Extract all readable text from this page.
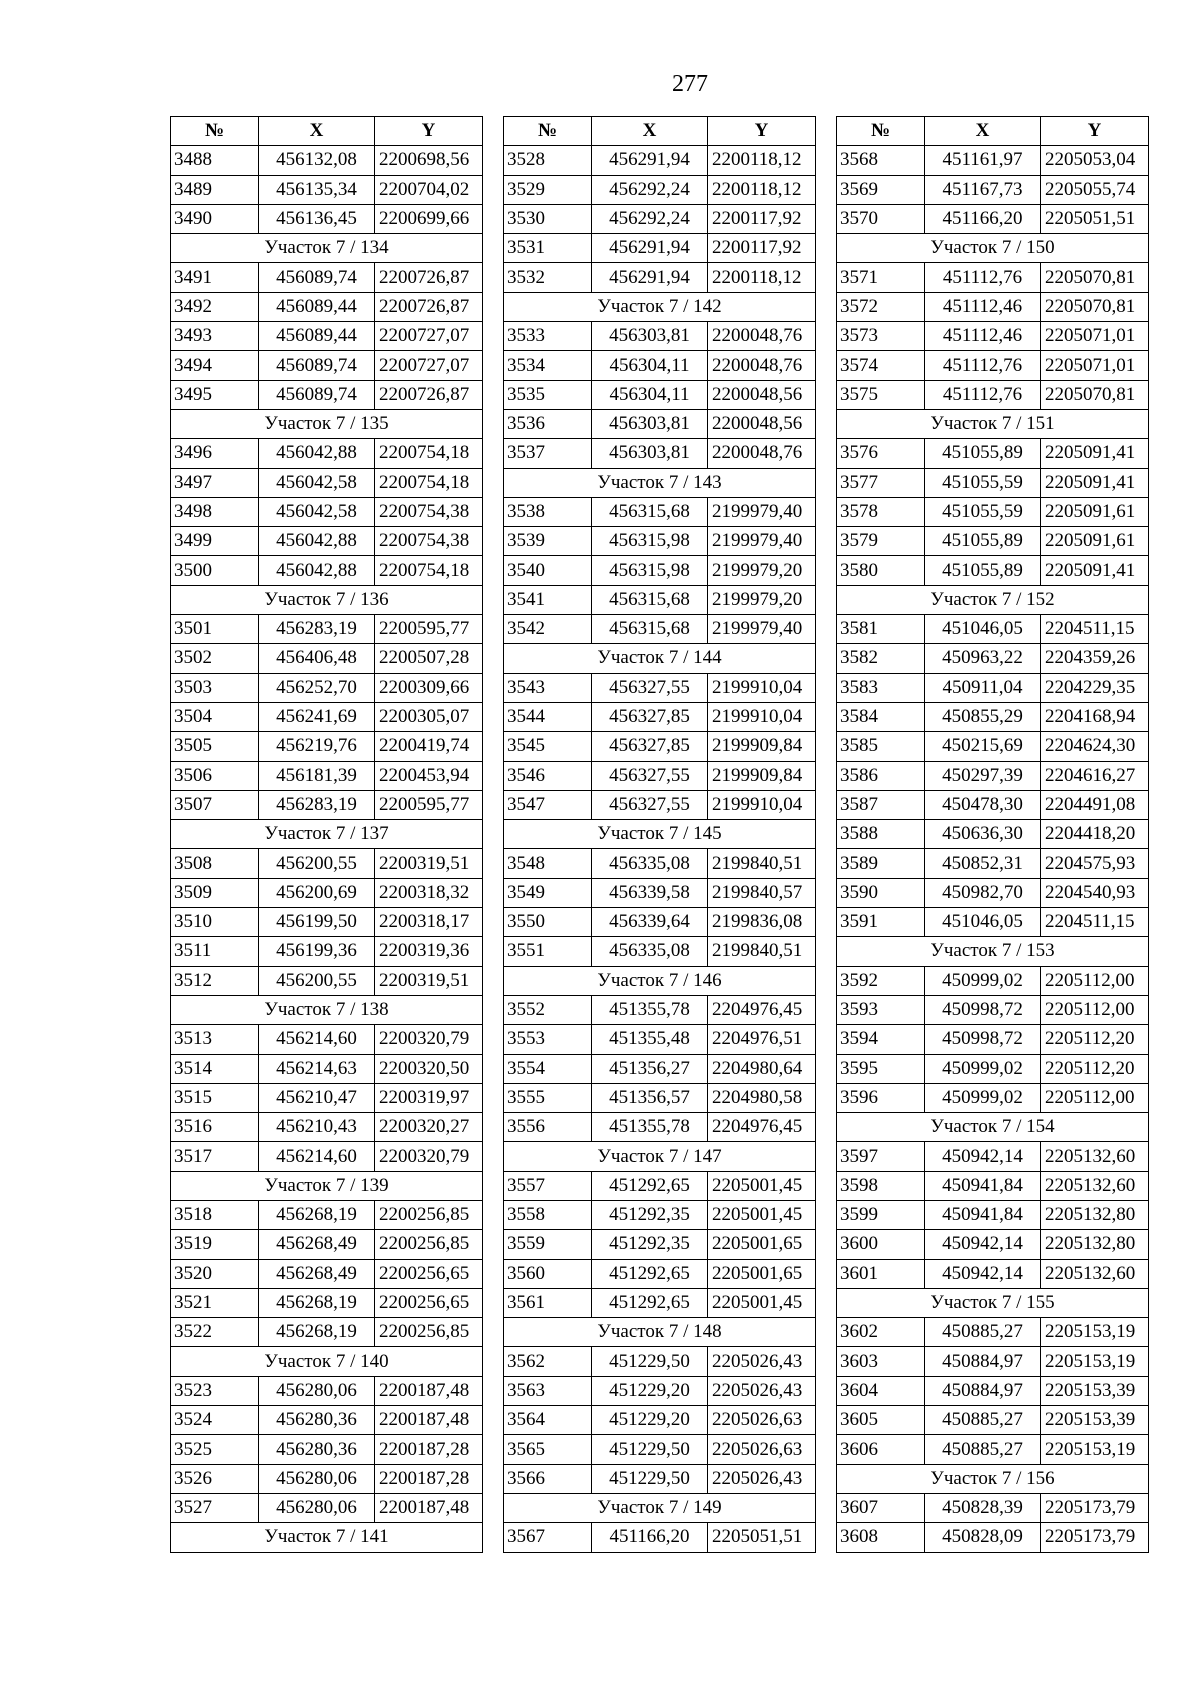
277
№	X	Y
3488	456132,08	2200698,56
3489	456135,34	2200704,02
3490	456136,45	2200699,66
Участок 7 / 134		
3491	456089,74	2200726,87
3492	456089,44	2200726,87
3493	456089,44	2200727,07
3494	456089,74	2200727,07
3495	456089,74	2200726,87
Участок 7 / 135		
3496	456042,88	2200754,18
3497	456042,58	2200754,18
3498	456042,58	2200754,38
3499	456042,88	2200754,38
3500	456042,88	2200754,18
Участок 7 / 136		
3501	456283,19	2200595,77
3502	456406,48	2200507,28
3503	456252,70	2200309,66
3504	456241,69	2200305,07
3505	456219,76	2200419,74
3506	456181,39	2200453,94
3507	456283,19	2200595,77
Участок 7 / 137		
3508	456200,55	2200319,51
3509	456200,69	2200318,32
3510	456199,50	2200318,17
3511	456199,36	2200319,36
3512	456200,55	2200319,51
Участок 7 / 138		
3513	456214,60	2200320,79
3514	456214,63	2200320,50
3515	456210,47	2200319,97
3516	456210,43	2200320,27
3517	456214,60	2200320,79
Участок 7 / 139		
3518	456268,19	2200256,85
3519	456268,49	2200256,85
3520	456268,49	2200256,65
3521	456268,19	2200256,65
3522	456268,19	2200256,85
Участок 7 / 140		
3523	456280,06	2200187,48
3524	456280,36	2200187,48
3525	456280,36	2200187,28
3526	456280,06	2200187,28
3527	456280,06	2200187,48
Участок 7 / 141		
№	X	Y
3528	456291,94	2200118,12
3529	456292,24	2200118,12
3530	456292,24	2200117,92
3531	456291,94	2200117,92
3532	456291,94	2200118,12
Участок 7 / 142		
3533	456303,81	2200048,76
3534	456304,11	2200048,76
3535	456304,11	2200048,56
3536	456303,81	2200048,56
3537	456303,81	2200048,76
Участок 7 / 143		
3538	456315,68	2199979,40
3539	456315,98	2199979,40
3540	456315,98	2199979,20
3541	456315,68	2199979,20
3542	456315,68	2199979,40
Участок 7 / 144		
3543	456327,55	2199910,04
3544	456327,85	2199910,04
3545	456327,85	2199909,84
3546	456327,55	2199909,84
3547	456327,55	2199910,04
Участок 7 / 145		
3548	456335,08	2199840,51
3549	456339,58	2199840,57
3550	456339,64	2199836,08
3551	456335,08	2199840,51
Участок 7 / 146		
3552	451355,78	2204976,45
3553	451355,48	2204976,51
3554	451356,27	2204980,64
3555	451356,57	2204980,58
3556	451355,78	2204976,45
Участок 7 / 147		
3557	451292,65	2205001,45
3558	451292,35	2205001,45
3559	451292,35	2205001,65
3560	451292,65	2205001,65
3561	451292,65	2205001,45
Участок 7 / 148		
3562	451229,50	2205026,43
3563	451229,20	2205026,43
3564	451229,20	2205026,63
3565	451229,50	2205026,63
3566	451229,50	2205026,43
Участок 7 / 149		
3567	451166,20	2205051,51
№	X	Y
3568	451161,97	2205053,04
3569	451167,73	2205055,74
3570	451166,20	2205051,51
Участок 7 / 150		
3571	451112,76	2205070,81
3572	451112,46	2205070,81
3573	451112,46	2205071,01
3574	451112,76	2205071,01
3575	451112,76	2205070,81
Участок 7 / 151		
3576	451055,89	2205091,41
3577	451055,59	2205091,41
3578	451055,59	2205091,61
3579	451055,89	2205091,61
3580	451055,89	2205091,41
Участок 7 / 152		
3581	451046,05	2204511,15
3582	450963,22	2204359,26
3583	450911,04	2204229,35
3584	450855,29	2204168,94
3585	450215,69	2204624,30
3586	450297,39	2204616,27
3587	450478,30	2204491,08
3588	450636,30	2204418,20
3589	450852,31	2204575,93
3590	450982,70	2204540,93
3591	451046,05	2204511,15
Участок 7 / 153		
3592	450999,02	2205112,00
3593	450998,72	2205112,00
3594	450998,72	2205112,20
3595	450999,02	2205112,20
3596	450999,02	2205112,00
Участок 7 / 154		
3597	450942,14	2205132,60
3598	450941,84	2205132,60
3599	450941,84	2205132,80
3600	450942,14	2205132,80
3601	450942,14	2205132,60
Участок 7 / 155		
3602	450885,27	2205153,19
3603	450884,97	2205153,19
3604	450884,97	2205153,39
3605	450885,27	2205153,39
3606	450885,27	2205153,19
Участок 7 / 156		
3607	450828,39	2205173,79
3608	450828,09	2205173,79
